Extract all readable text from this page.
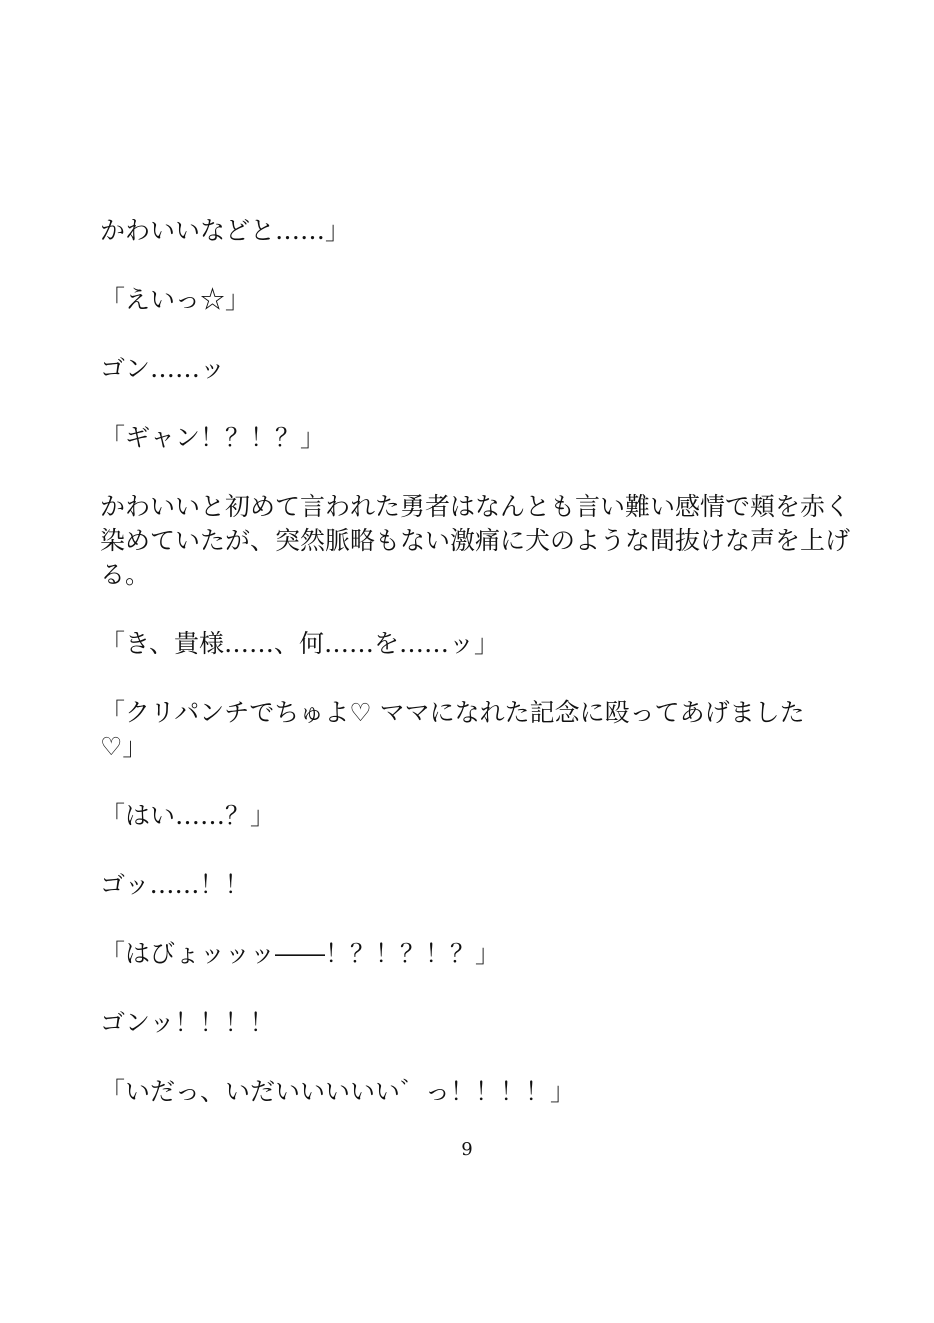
かわいいなどと……」

「えいっ☆」

ゴン……ッ

「ギャン！？！？」

かわいいと初めて言われた勇者はなんとも言い難い感情で頬を赤く

染めていたが、突然脈略もない激痛に犬のような間抜けな声を上げ

る。

「き、貴様……、何……を……ッ」

「クリパンチでちゅよ♡ ママになれた記念に殴ってあげました

♡」

「はい……？」

ゴッ……！！

「はびょッッッ――！？！？！？」

ゴンッ！！！！

「いだっ、いだいいいいい゛っ！！！！」

9
